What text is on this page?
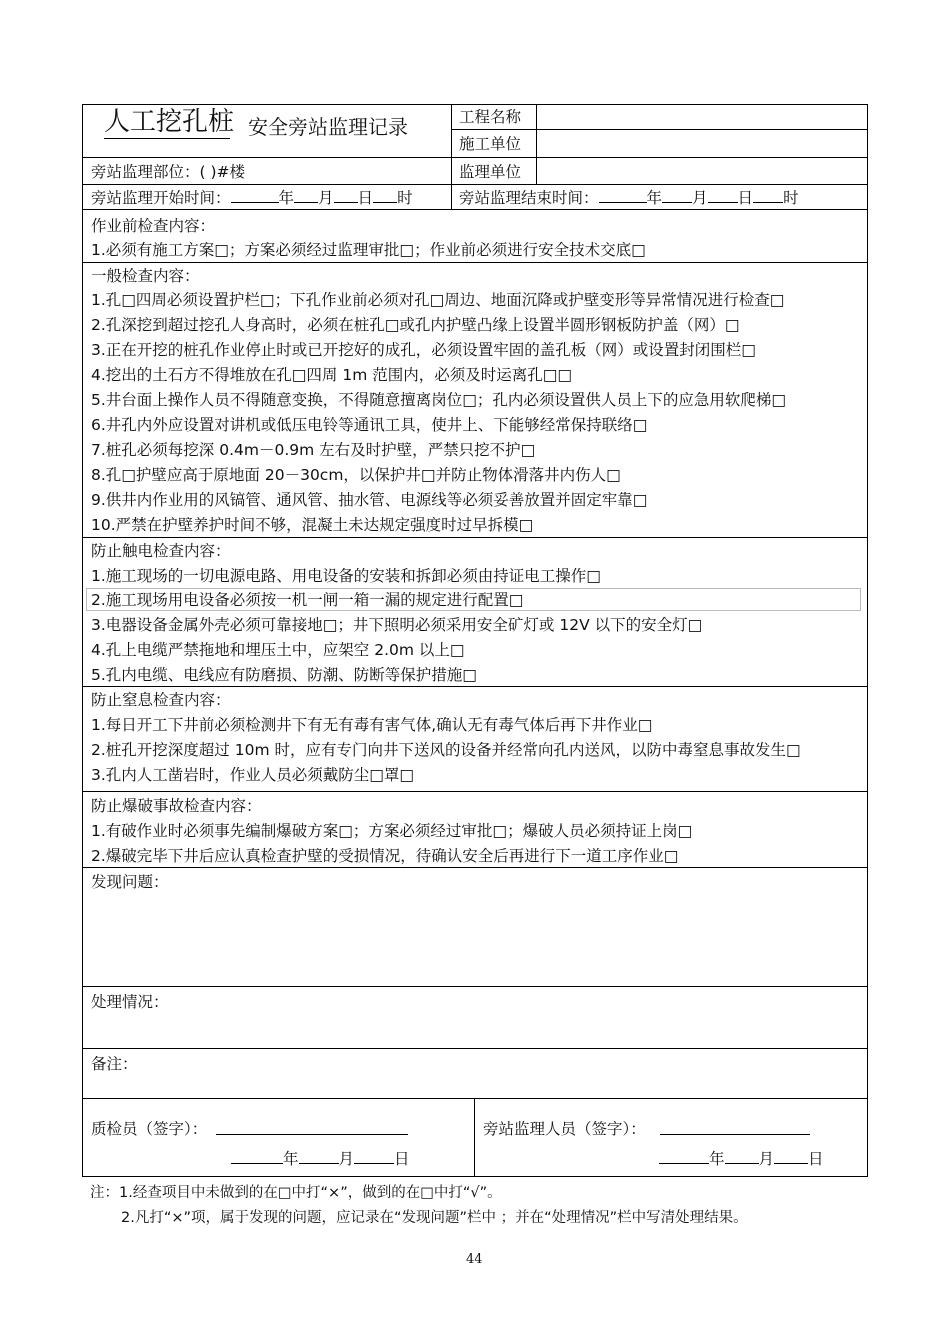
人工挖孔桩 安全旁站监理记录	工程名称
施工单位
旁站监理部位：( )#楼	监理单位
旁站监理开始时间：	年 月 日 时	旁站监理结束时间：	年 月 日 时
作业前检查内容：
1.必须有施工方案□；方案必须经过监理审批□；作业前必须进行安全技术交底□
一般检查内容：
1.孔□四周必须设置护栏□；下孔作业前必须对孔□周边、地面沉降或护壁变形等异常情况进行检查□
2.孔深挖到超过挖孔人身高时，必须在桩孔□或孔内护壁凸缘上设置半圆形钢板防护盖（网）□
3.正在开挖的桩孔作业停止时或已开挖好的成孔，必须设置牢固的盖孔板（网）或设置封闭围栏□
4.挖出的土石方不得堆放在孔□四周 1m 范围内，必须及时运离孔□□
5.井台面上操作人员不得随意变换，不得随意擅离岗位□；孔内必须设置供人员上下的应急用软爬梯□
6.井孔内外应设置对讲机或低压电铃等通讯工具，使井上、下能够经常保持联络□
7.桩孔必须每挖深 0.4m－0.9m 左右及时护壁，严禁只挖不护□
8.孔□护壁应高于原地面 20－30cm，以保护井□并防止物体滑落井内伤人□
9.供井内作业用的风镐管、通风管、抽水管、电源线等必须妥善放置并固定牢靠□
10.严禁在护壁养护时间不够，混凝土未达规定强度时过早拆模□
防止触电检查内容：
1.施工现场的一切电源电路、用电设备的安装和拆卸必须由持证电工操作□
2.施工现场用电设备必须按一机一闸一箱一漏的规定进行配置□
3.电器设备金属外壳必须可靠接地□；井下照明必须采用安全矿灯或 12V 以下的安全灯□
4.孔上电缆严禁拖地和埋压土中，应架空 2.0m 以上□
5.孔内电缆、电线应有防磨损、防潮、防断等保护措施□
防止窒息检查内容：
1.每日开工下井前必须检测井下有无有毒有害气体,确认无有毒气体后再下井作业□
2.桩孔开挖深度超过 10m 时，应有专门向井下送风的设备并经常向孔内送风，以防中毒窒息事故发生□
3.孔内人工凿岩时，作业人员必须戴防尘□罩□
防止爆破事故检查内容：
1.有破作业时必须事先编制爆破方案□；方案必须经过审批□；爆破人员必须持证上岗□
2.爆破完毕下井后应认真检查护壁的受损情况，待确认安全后再进行下一道工序作业□
发现问题：
处理情况：
备注：
质检员（签字）：
年	月	日
旁站监理人员（签字）：
年 月 日
注：1.经查项目中未做到的在□中打“×”，做到的在□中打“√”。
2.凡打“×”项，属于发现的问题，应记录在“发现问题”栏中 ；并在“处理情况”栏中写清处理结果。
44
